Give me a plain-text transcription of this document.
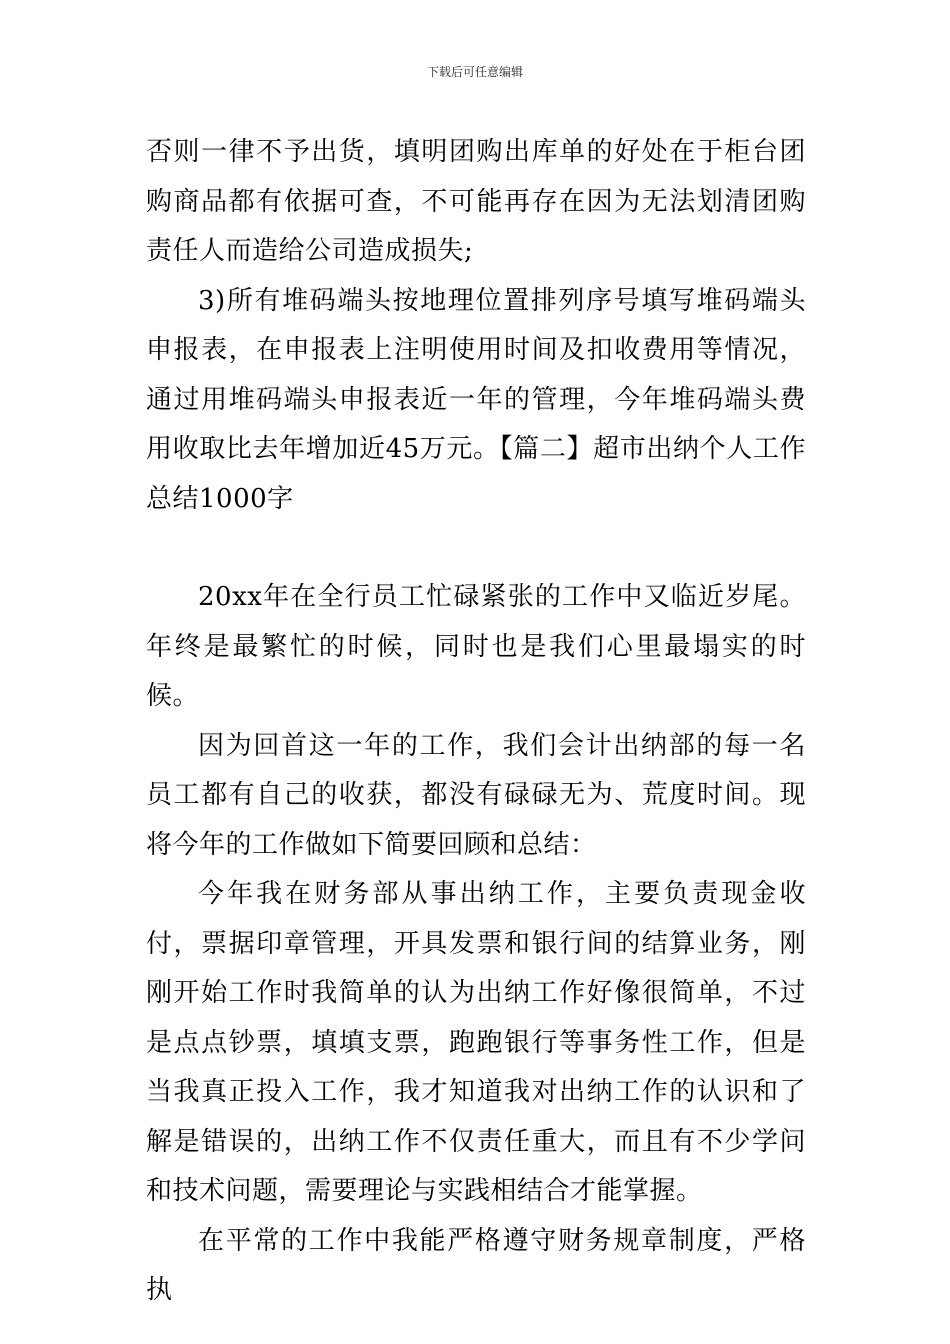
下载后可任意编辑

否则一律不予出货，填明团购出库单的好处在于柜台团购商品都有依据可查，不可能再存在因为无法划清团购责任人而造给公司造成损失;

3)所有堆码端头按地理位置排列序号填写堆码端头申报表，在申报表上注明使用时间及扣收费用等情况，通过用堆码端头申报表近一年的管理，今年堆码端头费用收取比去年增加近45万元。【篇二】超市出纳个人工作总结1000字

20xx年在全行员工忙碌紧张的工作中又临近岁尾。年终是最繁忙的时候，同时也是我们心里最塌实的时候。

因为回首这一年的工作，我们会计出纳部的每一名员工都有自己的收获，都没有碌碌无为、荒度时间。现将今年的工作做如下简要回顾和总结：

今年我在财务部从事出纳工作，主要负责现金收付，票据印章管理，开具发票和银行间的结算业务，刚刚开始工作时我简单的认为出纳工作好像很简单，不过是点点钞票，填填支票，跑跑银行等事务性工作，但是当我真正投入工作，我才知道我对出纳工作的认识和了解是错误的，出纳工作不仅责任重大，而且有不少学问和技术问题，需要理论与实践相结合才能掌握。

在平常的工作中我能严格遵守财务规章制度，严格执
